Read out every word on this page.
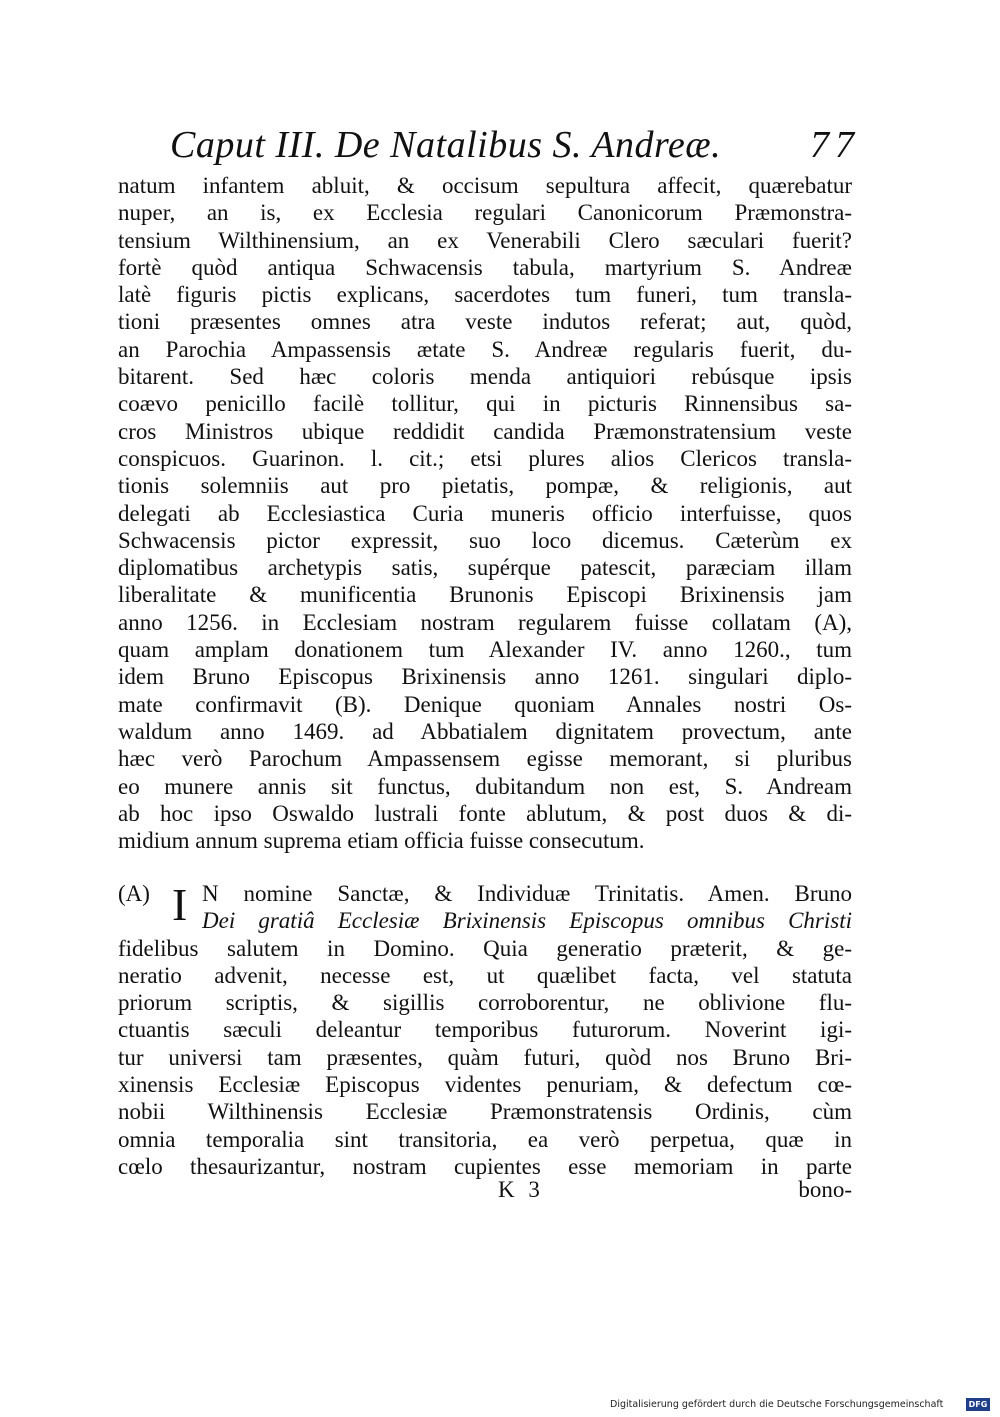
Caput III. De Natalibus S. Andreæ. 77
natum infantem abluit, & occisum sepultura affecit, quærebatur
nuper, an is, ex Ecclesia regulari Canonicorum Præmonstra-
tensium Wilthinensium, an ex Venerabili Clero sæculari fuerit?
fortè quòd antiqua Schwacensis tabula, martyrium S. Andreæ
latè figuris pictis explicans, sacerdotes tum funeri, tum transla-
tioni præsentes omnes atra veste indutos referat; aut, quòd,
an Parochia Ampassensis ætate S. Andreæ regularis fuerit, du-
bitarent. Sed hæc coloris menda antiquiori rebúsque ipsis
coævo penicillo facilè tollitur, qui in picturis Rinnensibus sa-
cros Ministros ubique reddidit candida Præmonstratensium veste
conspicuos. Guarinon. l. cit.; etsi plures alios Clericos transla-
tionis solemniis aut pro pietatis, pompæ, & religionis, aut
delegati ab Ecclesiastica Curia muneris officio interfuisse, quos
Schwacensis pictor expressit, suo loco dicemus. Cæterùm ex
diplomatibus archetypis satis, supérque patescit, paræciam illam
liberalitate & munificentia Brunonis Episcopi Brixinensis jam
anno 1256. in Ecclesiam nostram regularem fuisse collatam (A),
quam amplam donationem tum Alexander IV. anno 1260., tum
idem Bruno Episcopus Brixinensis anno 1261. singulari diplo-
mate confirmavit (B). Denique quoniam Annales nostri Os-
waldum anno 1469. ad Abbatialem dignitatem provectum, ante
hæc verò Parochum Ampassensem egisse memorant, si pluribus
eo munere annis sit functus, dubitandum non est, S. Andream
ab hoc ipso Oswaldo lustrali fonte ablutum, & post duos & di-
midium annum suprema etiam officia fuisse consecutum.
(A) I N nomine Sanctæ, & Individuæ Trinitatis. Amen. Bruno
Dei gratiâ Ecclesiæ Brixinensis Episcopus omnibus Christi
fidelibus salutem in Domino. Quia generatio præterit, & ge-
neratio advenit, necesse est, ut quælibet facta, vel statuta
priorum scriptis, & sigillis corroborentur, ne oblivione flu-
ctuantis sæculi deleantur temporibus futurorum. Noverint igi-
tur universi tam præsentes, quàm futuri, quòd nos Bruno Bri-
xinensis Ecclesiæ Episcopus videntes penuriam, & defectum cœ-
nobii Wilthinensis Ecclesiæ Præmonstratensis Ordinis, cùm
omnia temporalia sint transitoria, ea verò perpetua, quæ in
cœlo thesaurizantur, nostram cupientes esse memoriam in parte
K 3	bono-
Digitalisierung gefördert durch die Deutsche Forschungsgemeinschaft	DFG
